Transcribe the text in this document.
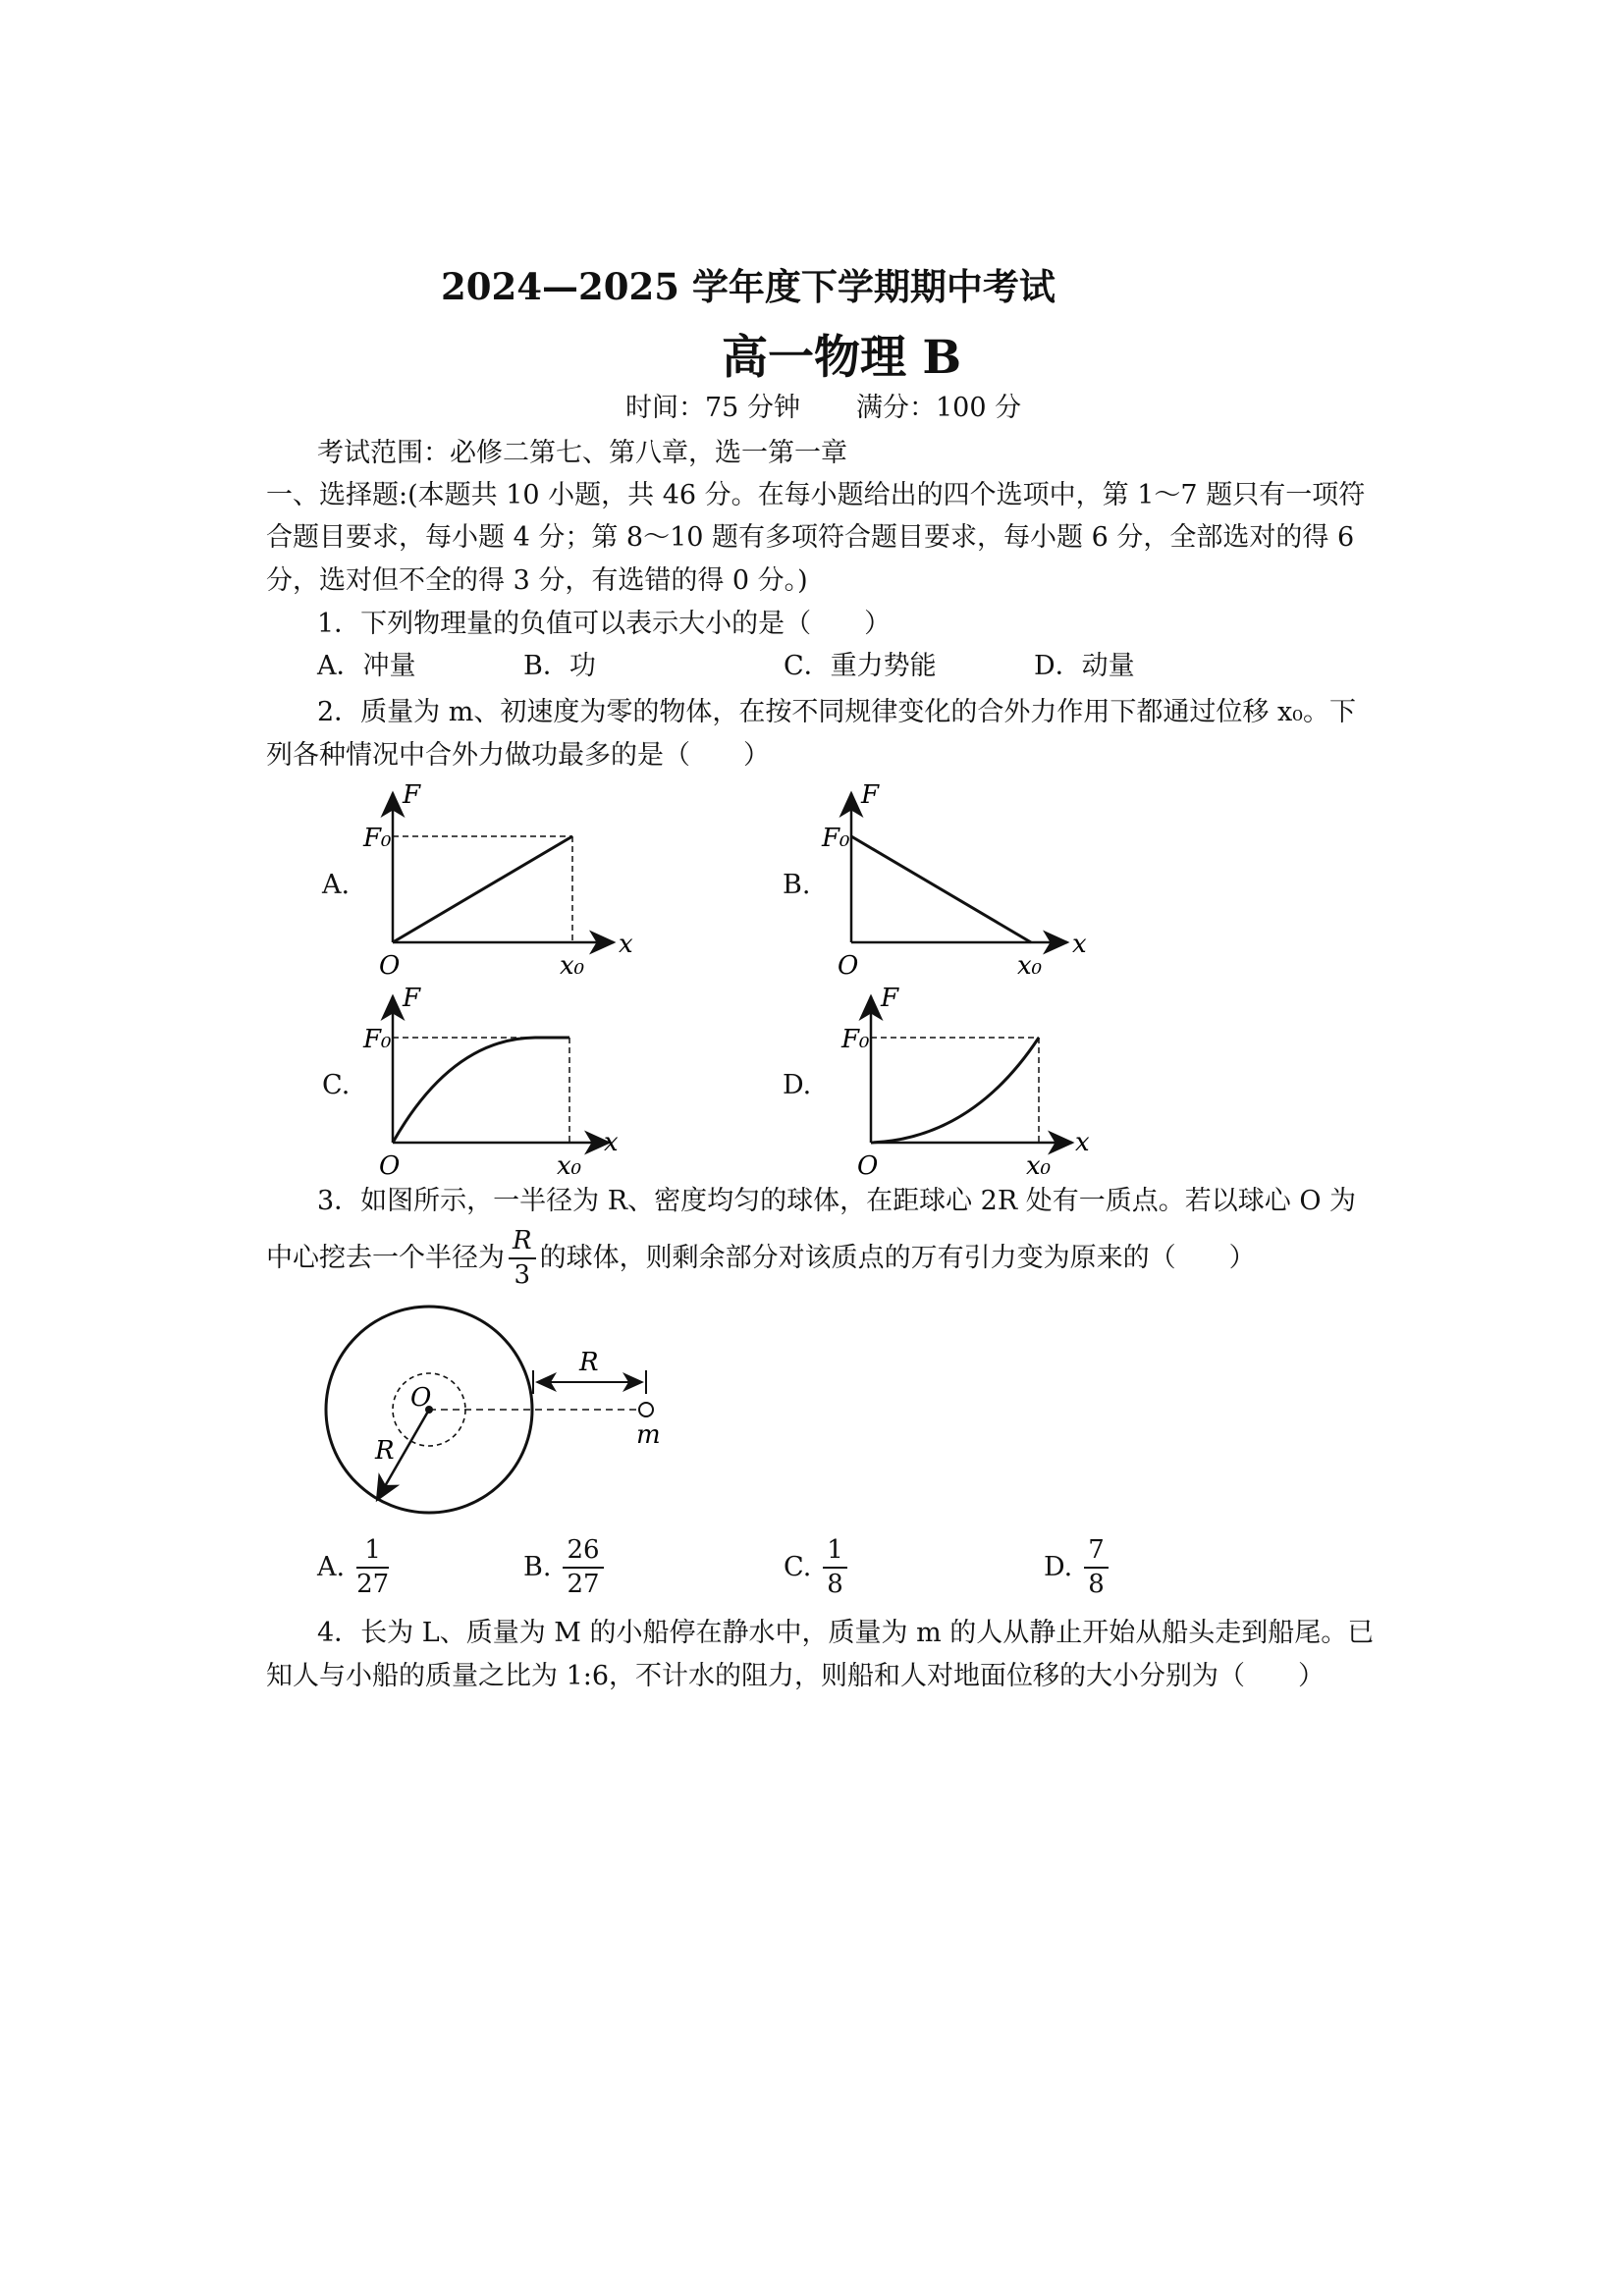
2024—2025 学年度下学期期中考试
高一物理 B
时间：75 分钟 满分：100 分
考试范围：必修二第七、第八章，选一第一章
一、选择题:(本题共 10 小题，共 46 分。在每小题给出的四个选项中，第 1～7 题只有一项符
合题目要求，每小题 4 分；第 8～10 题有多项符合题目要求，每小题 6 分，全部选对的得 6
分，选对但不全的得 3 分，有选错的得 0 分。)
1．下列物理量的负值可以表示大小的是（　　）
A．冲量	B．功	C．重力势能	D．动量
2．质量为 m、初速度为零的物体，在按不同规律变化的合外力作用下都通过位移 x₀。下
列各种情况中合外力做功最多的是（　　）
A.	B.
C.	D.
F
F₀
x
O	x₀
F
F₀
x
O	x₀
F
F₀
x
O	x₀
F
F₀
x
O	x₀
O
R
R
m
3．如图所示，一半径为 R、密度均匀的球体，在距球心 2R 处有一质点。若以球心 O 为
中心挖去一个半径为 $\frac{R}{3}$ 的球体，则剩余部分对该质点的万有引力变为原来的（　　）
A. $\frac{1}{27}$	B. $\frac{26}{27}$	C. $\frac{1}{8}$	D. $\frac{7}{8}$
4．长为 L、质量为 M 的小船停在静水中，质量为 m 的人从静止开始从船头走到船尾。已
知人与小船的质量之比为 1:6，不计水的阻力，则船和人对地面位移的大小分别为（　　）
